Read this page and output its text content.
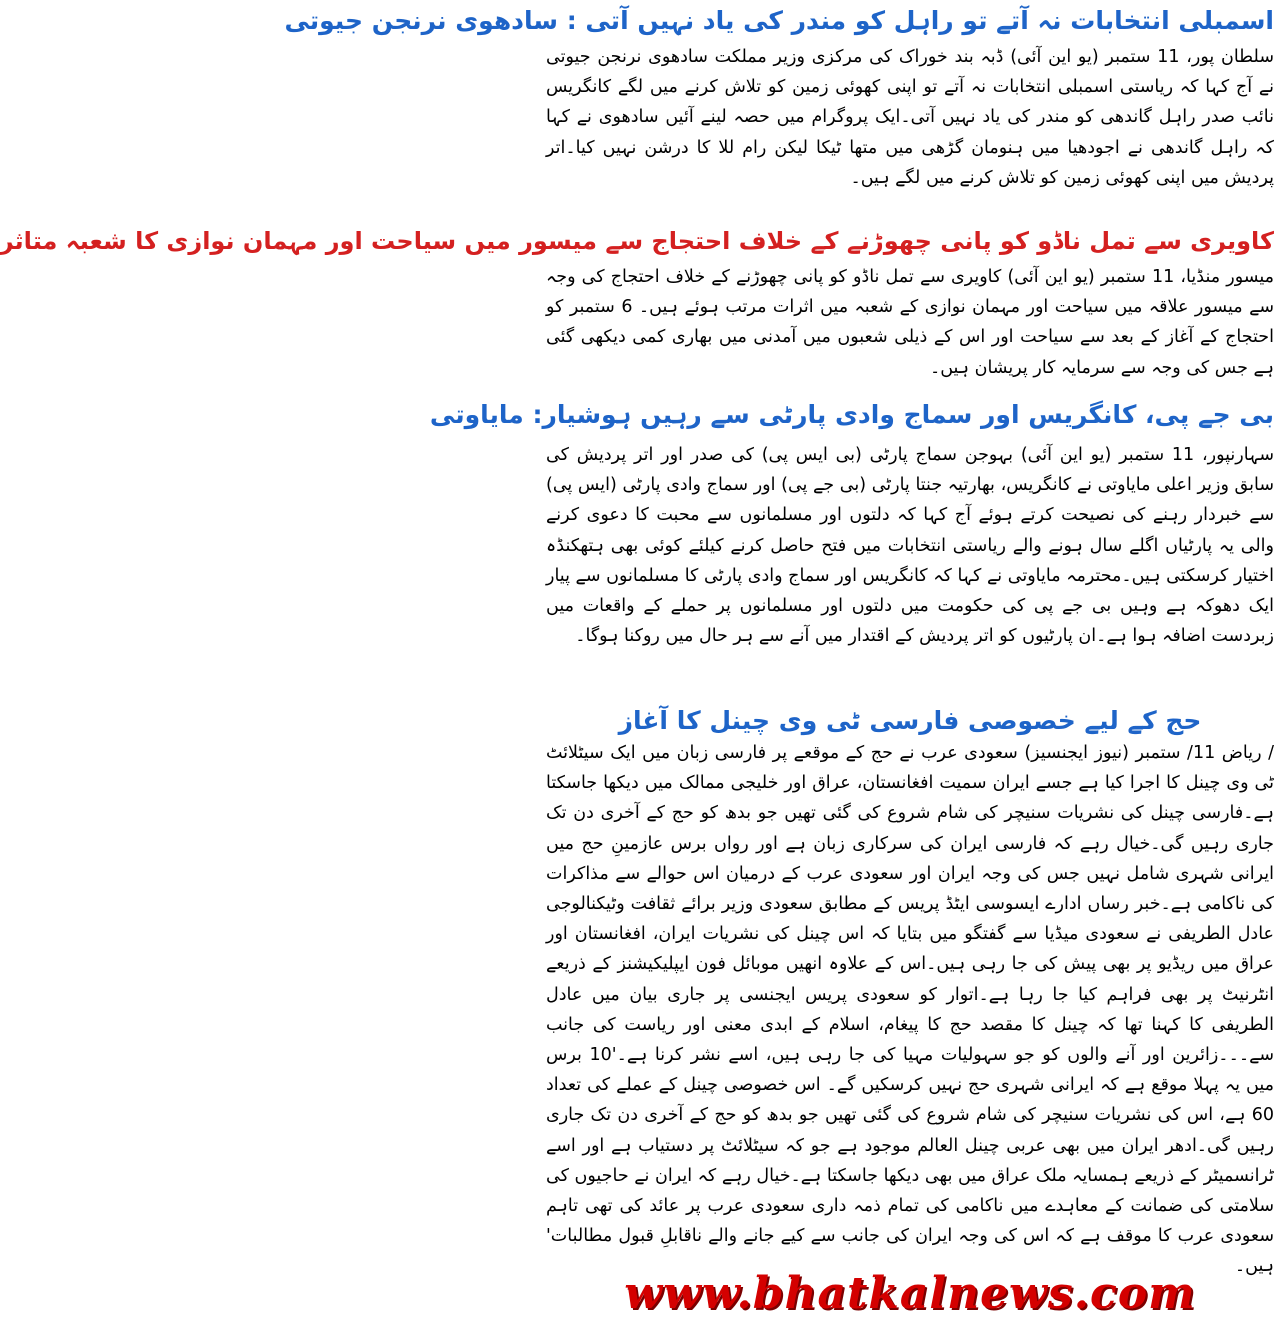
اسمبلی انتخابات نہ آتے تو راہل کو مندر کی یاد نہیں آتی : سادھوی نرنجن جیوتی

سلطان پور، 11 ستمبر (یو این آئی) ڈبہ بند خوراک کی مرکزی وزیر مملکت سادھوی نرنجن جیوتی نے آج کہا کہ ریاستی اسمبلی انتخابات نہ آتے تو اپنی کھوئی زمین کو تلاش کرنے میں لگے کانگریس نائب صدر راہل گاندھی کو مندر کی یاد نہیں آتی۔ایک پروگرام میں حصہ لینے آئیں سادھوی نے کہا کہ راہل گاندھی نے اجودھیا میں ہنومان گڑھی میں متھا ٹیکا لیکن رام للا کا درشن نہیں کیا۔اتر پردیش میں اپنی کھوئی زمین کو تلاش کرنے میں لگے ہیں۔

کاویری سے تمل ناڈو کو پانی چھوڑنے کے خلاف احتجاج سے میسور میں سیاحت اور مہمان نوازی کا شعبہ متاثر

میسور منڈیا، 11 ستمبر (یو این آئی) کاویری سے تمل ناڈو کو پانی چھوڑنے کے خلاف احتجاج کی وجہ سے میسور علاقہ میں سیاحت اور مہمان نوازی کے شعبہ میں اثرات مرتب ہوئے ہیں۔ 6 ستمبر کو احتجاج کے آغاز کے بعد سے سیاحت اور اس کے ذیلی شعبوں میں آمدنی میں بھاری کمی دیکھی گئی ہے جس کی وجہ سے سرمایہ کار پریشان ہیں۔

بی جے پی، کانگریس اور سماج وادی پارٹی سے رہیں ہوشیار: مایاوتی

سہارنپور، 11 ستمبر (یو این آئی) بہوجن سماج پارٹی (بی ایس پی) کی صدر اور اتر پردیش کی سابق وزیر اعلی مایاوتی نے کانگریس، بھارتیہ جنتا پارٹی (بی جے پی) اور سماج وادی پارٹی (ایس پی) سے خبردار رہنے کی نصیحت کرتے ہوئے آج کہا کہ دلتوں اور مسلمانوں سے محبت کا دعوی کرنے والی یہ پارٹیاں اگلے سال ہونے والے ریاستی انتخابات میں فتح حاصل کرنے کیلئے کوئی بھی ہتھکنڈہ اختیار کرسکتی ہیں۔محترمہ مایاوتی نے کہا کہ کانگریس اور سماج وادی پارٹی کا مسلمانوں سے پیار ایک دھوکہ ہے وہیں بی جے پی کی حکومت میں دلتوں اور مسلمانوں پر حملے کے واقعات میں زبردست اضافہ ہوا ہے۔ان پارٹیوں کو اتر پردیش کے اقتدار میں آنے سے ہر حال میں روکنا ہوگا۔

حج کے لیے خصوصی فارسی ٹی وی چینل کا آغاز

/ ریاض 11/ ستمبر (نیوز ایجنسیز) سعودی عرب نے حج کے موقعے پر فارسی زبان میں ایک سیٹلائٹ ٹی وی چینل کا اجرا کیا ہے جسے ایران سمیت افغانستان، عراق اور خلیجی ممالک میں دیکھا جاسکتا ہے۔فارسی چینل کی نشریات سنیچر کی شام شروع کی گئی تھیں جو بدھ کو حج کے آخری دن تک جاری رہیں گی۔خیال رہے کہ فارسی ایران کی سرکاری زبان ہے اور رواں برس عازمینِ حج میں ایرانی شہری شامل نہیں جس کی وجہ ایران اور سعودی عرب کے درمیان اس حوالے سے مذاکرات کی ناکامی ہے۔خبر رساں ادارے ایسوسی ایٹڈ پریس کے مطابق سعودی وزیر برائے ثقافت وٹیکنالوجی عادل الطریفی نے سعودی میڈیا سے گفتگو میں بتایا کہ اس چینل کی نشریات ایران، افغانستان اور عراق میں ریڈیو پر بھی پیش کی جا رہی ہیں۔اس کے علاوہ انھیں موبائل فون ایپلیکیشنز کے ذریعے انٹرنیٹ پر بھی فراہم کیا جا رہا ہے۔اتوار کو سعودی پریس ایجنسی پر جاری بیان میں عادل الطریفی کا کہنا تھا کہ چینل کا مقصد حج کا پیغام، اسلام کے ابدی معنی اور ریاست کی جانب سے۔۔۔زائرین اور آنے والوں کو جو سہولیات مہیا کی جا رہی ہیں، اسے نشر کرنا ہے۔'10 برس میں یہ پہلا موقع ہے کہ ایرانی شہری حج نہیں کرسکیں گے۔ اس خصوصی چینل کے عملے کی تعداد 60 ہے، اس کی نشریات سنیچر کی شام شروع کی گئی تھیں جو بدھ کو حج کے آخری دن تک جاری رہیں گی۔ادھر ایران میں بھی عربی چینل العالم موجود ہے جو کہ سیٹلائٹ پر دستیاب ہے اور اسے ٹرانسمیٹر کے ذریعے ہمسایہ ملک عراق میں بھی دیکھا جاسکتا ہے۔خیال رہے کہ ایران نے حاجیوں کی سلامتی کی ضمانت کے معاہدے میں ناکامی کی تمام ذمہ داری سعودی عرب پر عائد کی تھی تاہم سعودی عرب کا موقف ہے کہ اس کی وجہ ایران کی جانب سے کیے جانے والے ناقابلِ قبول مطالبات' ہیں۔

www.bhatkalnews.com
